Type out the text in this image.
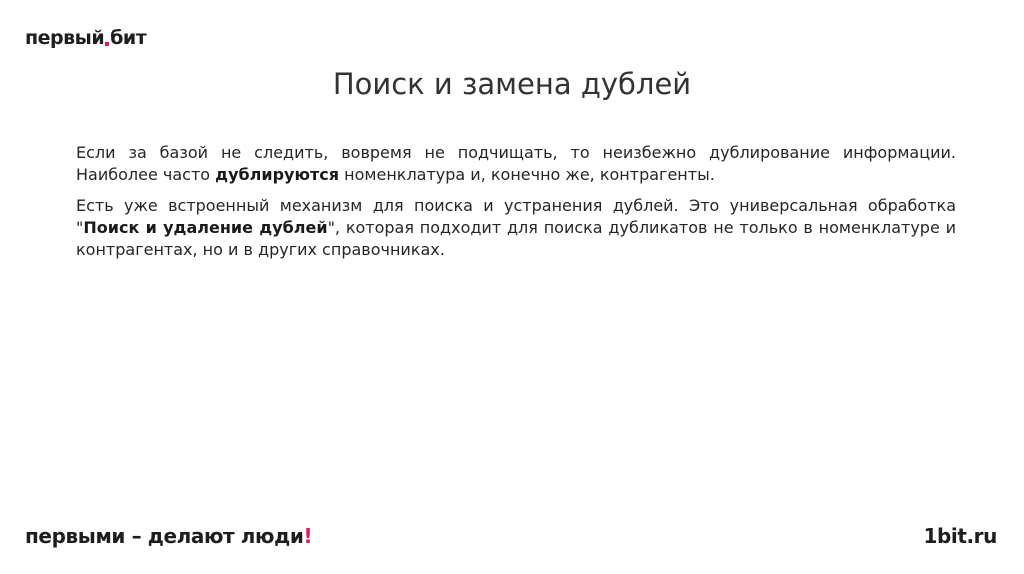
первый бит
Поиск и замена дублей

Если за базой не следить, вовремя не подчищать, то неизбежно дублирование информации. Наиболее часто дублируются номенклатура и, конечно же, контрагенты.

Есть уже встроенный механизм для поиска и устранения дублей. Это универсальная обработка "Поиск и удаление дублей", которая подходит для поиска дубликатов не только в номенклатуре и контрагентах, но и в других справочниках.

первыми – делают люди!	1bit.ru
